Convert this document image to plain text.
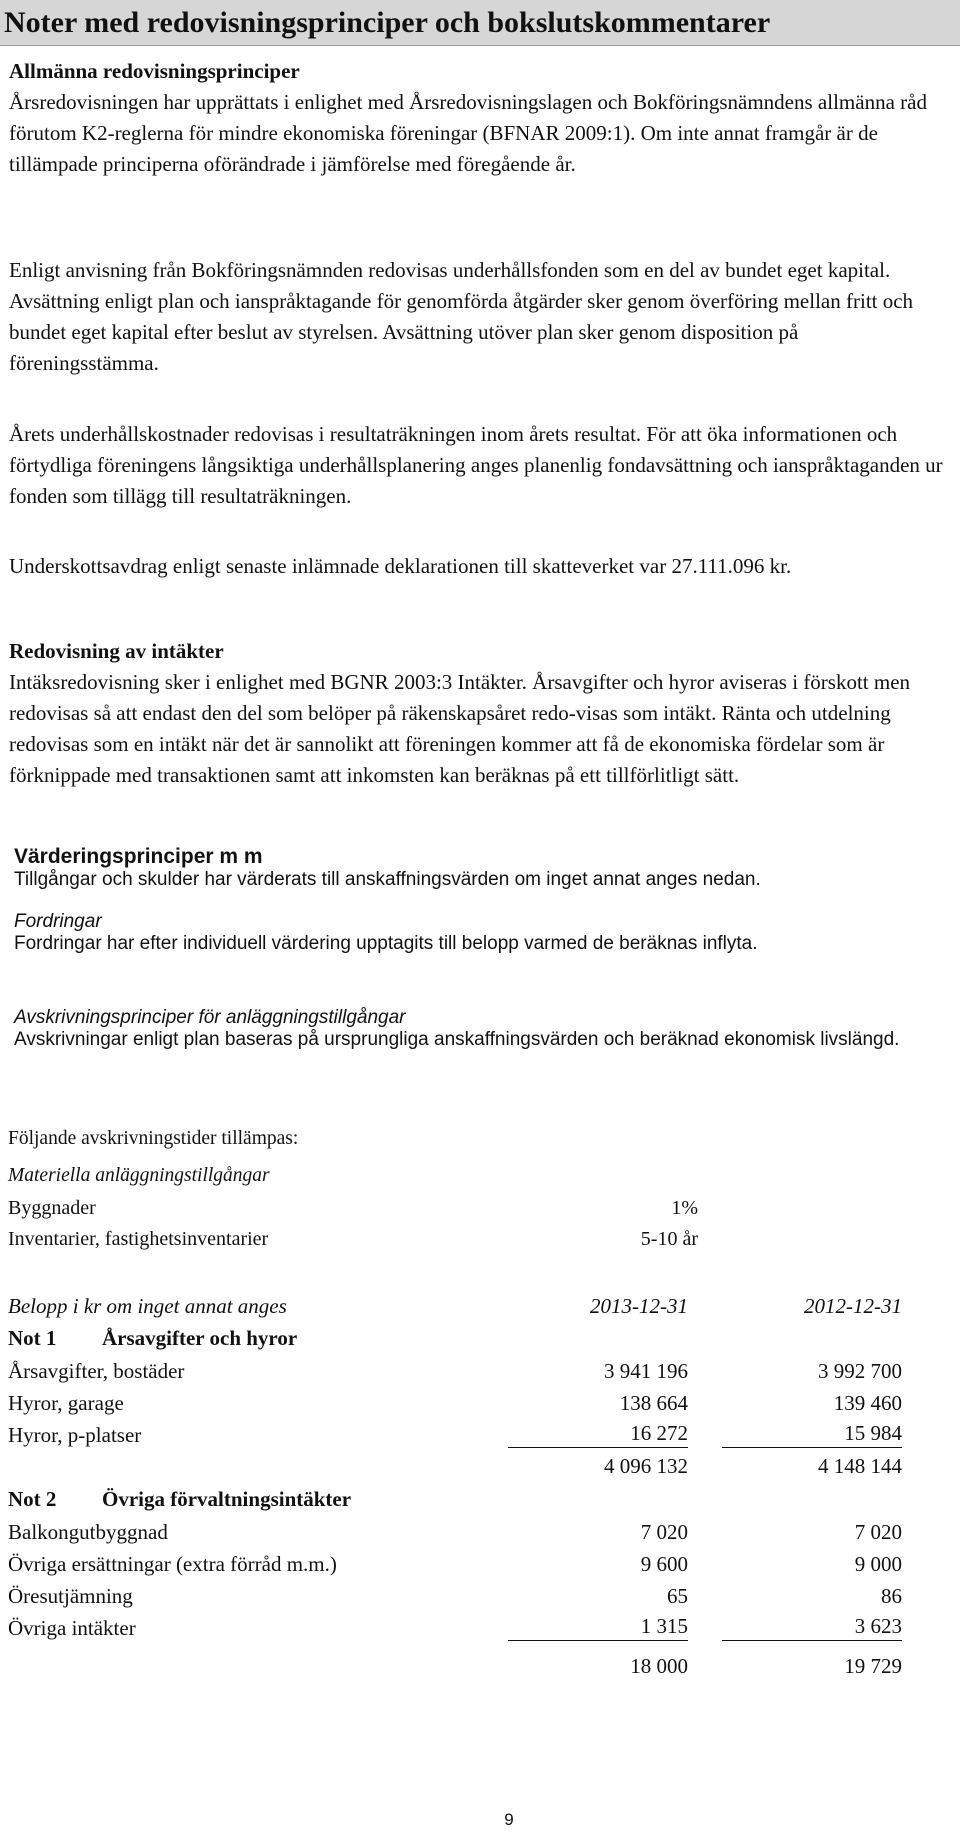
Noter med redovisningsprinciper och bokslutskommentarer

Allmänna redovisningsprinciper

Årsredovisningen har upprättats i enlighet med Årsredovisningslagen och Bokföringsnämndens allmänna råd förutom K2-reglerna för mindre ekonomiska föreningar (BFNAR 2009:1). Om inte annat framgår är de tillämpade principerna oförändrade i jämförelse med föregående år.

Enligt anvisning från Bokföringsnämnden redovisas underhållsfonden som en del av bundet eget kapital. Avsättning enligt plan och ianspråktagande för genomförda åtgärder sker genom överföring mellan fritt och bundet eget kapital efter beslut av styrelsen. Avsättning utöver plan sker genom disposition på föreningsstämma.

Årets underhållskostnader redovisas i resultaträkningen inom årets resultat. För att öka informationen och förtydliga föreningens långsiktiga underhållsplanering anges planenlig fondavsättning och ianspråktaganden ur fonden som tillägg till resultaträkningen.

Underskottsavdrag enligt senaste inlämnade deklarationen till skatteverket var 27.111.096 kr.

Redovisning av intäkter

Intäksredovisning sker i enlighet med BGNR 2003:3 Intäkter. Årsavgifter och hyror aviseras i förskott men redovisas så att endast den del som belöper på räkenskapsåret redo-visas som intäkt. Ränta och utdelning redovisas som en intäkt när det är sannolikt att föreningen kommer att få de ekonomiska fördelar som är förknippade med transaktionen samt att inkomsten kan beräknas på ett tillförlitligt sätt.

Värderingsprinciper m m
Tillgångar och skulder har värderats till anskaffningsvärden om inget annat anges nedan.
Fordringar
Fordringar har efter individuell värdering upptagits till belopp varmed de beräknas inflyta.
Avskrivningsprinciper för anläggningstillgångar
Avskrivningar enligt plan baseras på ursprungliga anskaffningsvärden och beräknad ekonomisk livslängd.
Följande avskrivningstider tillämpas:
Materiella anläggningstillgångar
Byggnader	1%
Inventarier, fastighetsinventarier	5-10 år
Belopp i kr om inget annat anges	2013-12-31	2012-12-31
Not 1 Årsavgifter och hyror
Årsavgifter, bostäder	3 941 196	3 992 700
Hyror, garage	138 664	139 460
Hyror, p-platser	16 272	15 984
4 096 132	4 148 144
Not 2 Övriga förvaltningsintäkter
Balkongutbyggnad	7 020	7 020
Övriga ersättningar (extra förråd m.m.)	9 600	9 000
Öresutjämning	65	86
Övriga intäkter	1 315	3 623
18 000	19 729
9
